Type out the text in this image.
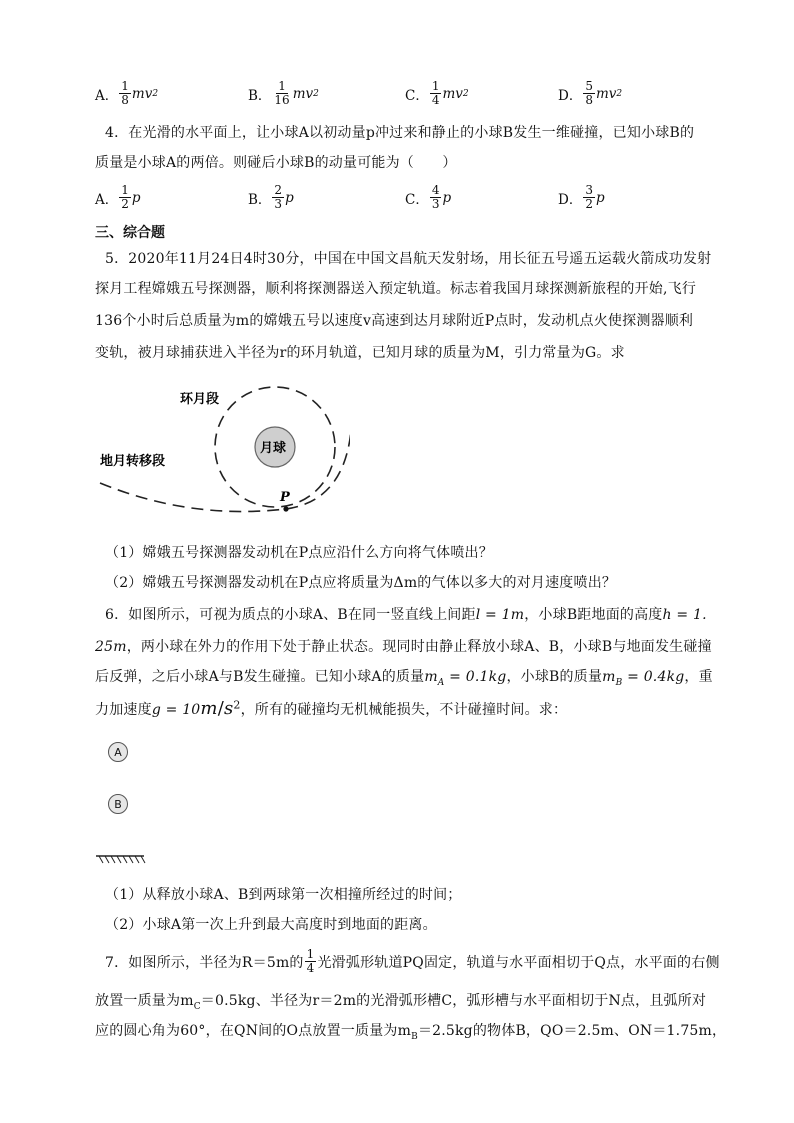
A． $\frac{1}{8}$ mv 2	B． $\frac{1}{16}$ mv 2	C． $\frac{1}{4}$ mv 2	D． $\frac{5}{8}$ mv 2
4．在光滑的水平面上，让小球A以初动量p冲过来和静止的小球B发生一维碰撞，已知小球B的
质量是小球A的两倍。则碰后小球B的动量可能为（　　）
A． $\frac{1}{2}$ p	B． $\frac{2}{3}$ p	C． $\frac{4}{3}$ p	D． $\frac{3}{2}$ p
三、综合题
5．2020年11月24日4时30分，中国在中国文昌航天发射场，用长征五号遥五运载火箭成功发射
探月工程嫦娥五号探测器，顺利将探测器送入预定轨道。标志着我国月球探测新旅程的开始,飞行
136个小时后总质量为m的嫦娥五号以速度v高速到达月球附近P点时，发动机点火使探测器顺利
变轨，被月球捕获进入半径为r的环月轨道，已知月球的质量为M，引力常量为G。求
环月段
月球
地月转移段
P
（1）嫦娥五号探测器发动机在P点应沿什么方向将气体喷出？
（2）嫦娥五号探测器发动机在P点应将质量为Δm的气体以多大的对月速度喷出？
6．如图所示，可视为质点的小球A、B在同一竖直线上间距l = 1m，小球B距地面的高度h = 1.
25m，两小球在外力的作用下处于静止状态。现同时由静止释放小球A、B，小球B与地面发生碰撞
后反弹，之后小球A与B发生碰撞。已知小球A的质量$m_A = 0.1kg$，小球B的质量$m_B = 0.4kg$，重
力加速度$g = 10m/s^2$，所有的碰撞均无机械能损失，不计碰撞时间。求：
A
B
（1）从释放小球A、B到两球第一次相撞所经过的时间；
（2）小球A第一次上升到最大高度时到地面的距离。
7．如图所示，半径为R＝5m的 $\frac{1}{4}$ 光滑弧形轨道PQ固定，轨道与水平面相切于Q点，水平面的右侧
放置一质量为$m_C=0.5kg$、半径为r＝2m的光滑弧形槽C，弧形槽与水平面相切于N点，且弧所对
应的圆心角为60°，在QN间的O点放置一质量为$m_B=2.5kg$的物体B，QO＝2.5m、ON＝1.75m，
